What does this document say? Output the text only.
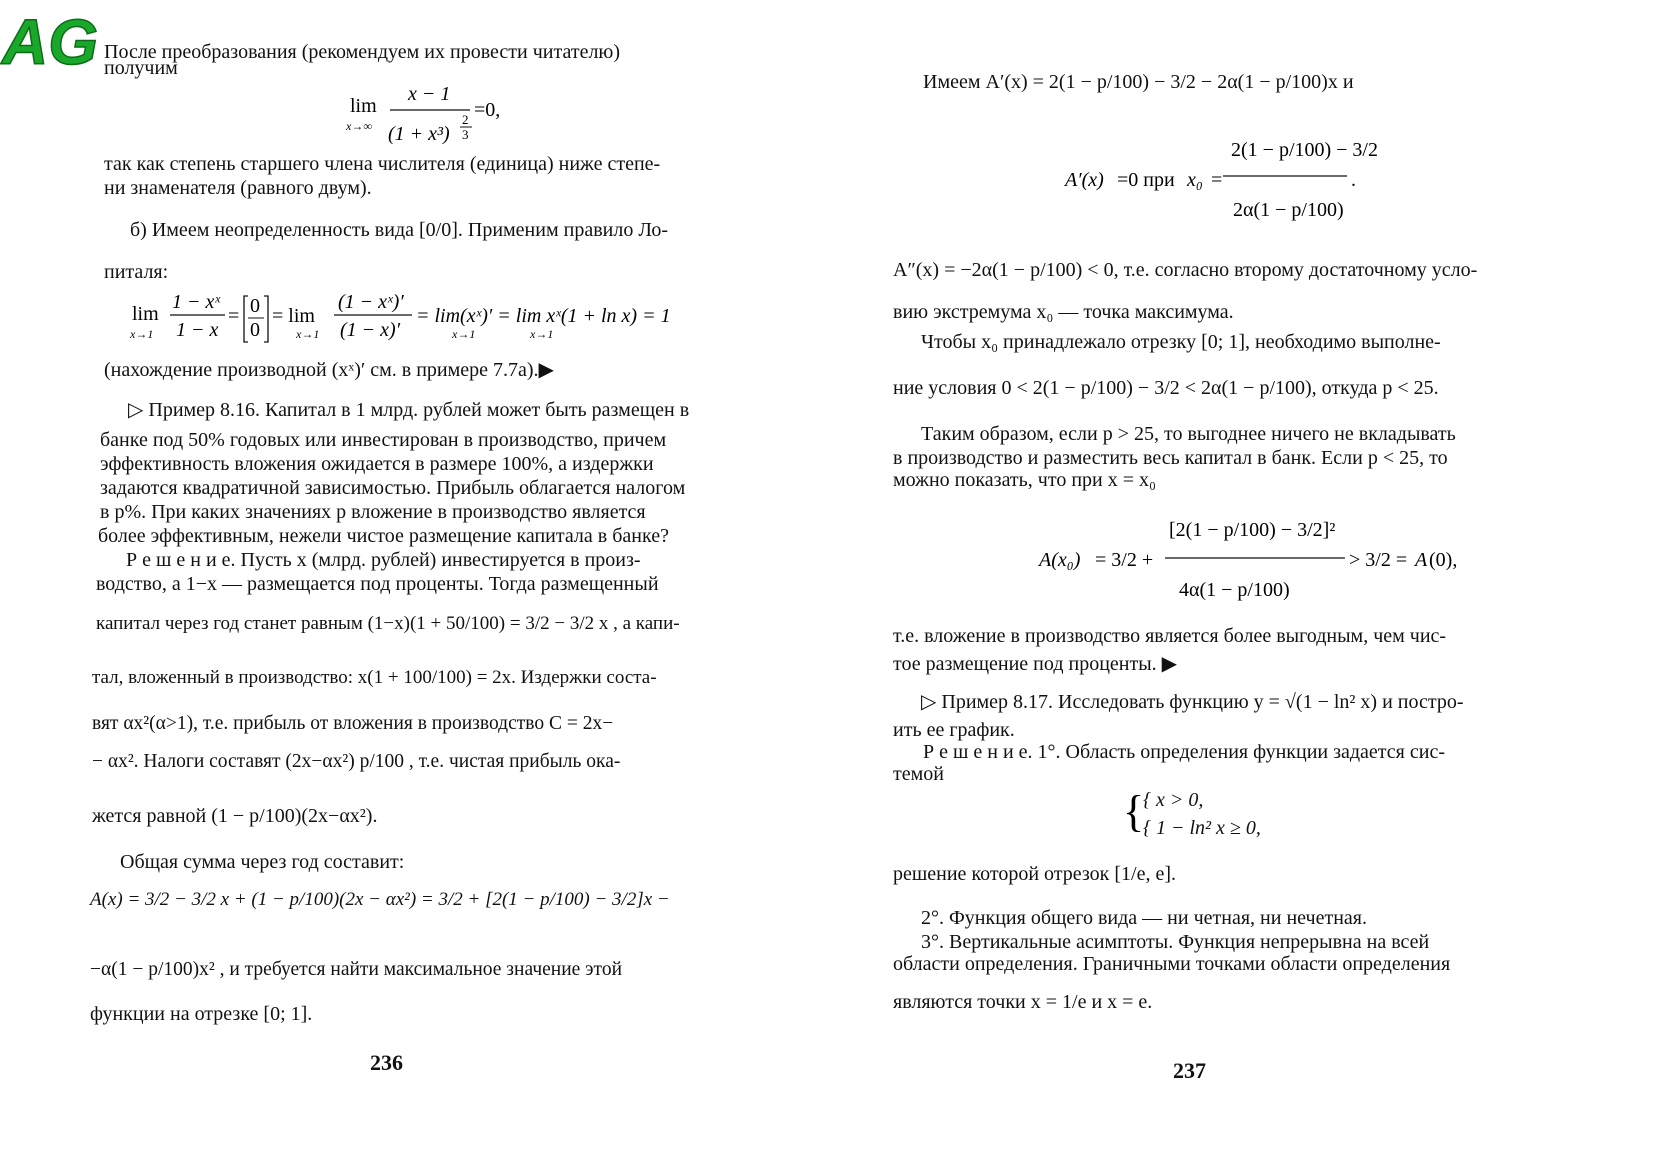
AG После преобразования (рекомендуем их провести читателю)
получим
lim
x→∞
x − 1
(1 + x³)
2
3
=0,
так как степень старшего члена числителя (единица) ниже степе-
ни знаменателя (равного двум).
б) Имеем неопределенность вида [0/0]. Применим правило Ло-
питаля:
lim
x→1
1 − xˣ
1 − x
= 0
0
= lim
x→1
(1 − xˣ)′
(1 − x)′
= lim(xˣ)′ = lim xˣ(1 + ln x) = 1
x→1	x→1
(нахождение производной (xˣ)′ см. в примере 7.7а).▶
▷ Пример 8.16. Капитал в 1 млрд. рублей может быть размещен в
банке под 50% годовых или инвестирован в производство, причем
эффективность вложения ожидается в размере 100%, а издержки
задаются квадратичной зависимостью. Прибыль облагается налогом
в p%. При каких значениях p вложение в производство является
более эффективным, нежели чистое размещение капитала в банке?
Р е ш е н и е. Пусть x (млрд. рублей) инвестируется в произ-
водство, а 1−x — размещается под проценты. Тогда размещенный
капитал через год станет равным (1−x)(1 + 50/100) = 3/2 − 3/2 x , а капи-
тал, вложенный в производство: x(1 + 100/100) = 2x. Издержки соста-
вят αx²(α>1), т.е. прибыль от вложения в производство C = 2x−
− αx². Налоги составят (2x−αx²) p/100 , т.е. чистая прибыль ока-
жется равной (1 − p/100)(2x−αx²).
Общая сумма через год составит:
A(x) = 3/2 − 3/2 x + (1 − p/100)(2x − αx²) = 3/2 + [2(1 − p/100) − 3/2]x −
−α(1 − p/100)x² , и требуется найти максимальное значение этой
функции на отрезке [0; 1].
236
Имеем A′(x) = 2(1 − p/100) − 3/2 − 2α(1 − p/100)x и
A′(x) =0 при x₀ =
2(1 − p/100) − 3/2
2α(1 − p/100)
.
A″(x) = −2α(1 − p/100) < 0, т.е. согласно второму достаточному усло-
вию экстремума x₀ — точка максимума.
Чтобы x₀ принадлежало отрезку [0; 1], необходимо выполне-
ние условия 0 < 2(1 − p/100) − 3/2 < 2α(1 − p/100), откуда p < 25.
Таким образом, если p > 25, то выгоднее ничего не вкладывать
в производство и разместить весь капитал в банк. Если p < 25, то
можно показать, что при x = x₀
A(x₀) = 3/2 +
[2(1 − p/100) − 3/2]²
4α(1 − p/100)
> 3/2 = A (0),
т.е. вложение в производство является более выгодным, чем чис-
тое размещение под проценты. ▶
▷ Пример 8.17. Исследовать функцию y = √(1 − ln² x) и постро-
ить ее график.
Р е ш е н и е. 1°. Область определения функции задается сис-
темой
{
{ x > 0,
{ 1 − ln² x ≥ 0,
решение которой отрезок [1/e, e].
2°. Функция общего вида — ни четная, ни нечетная.
3°. Вертикальные асимптоты. Функция непрерывна на всей
области определения. Граничными точками области определения
являются точки x = 1/e и x = e.
237
